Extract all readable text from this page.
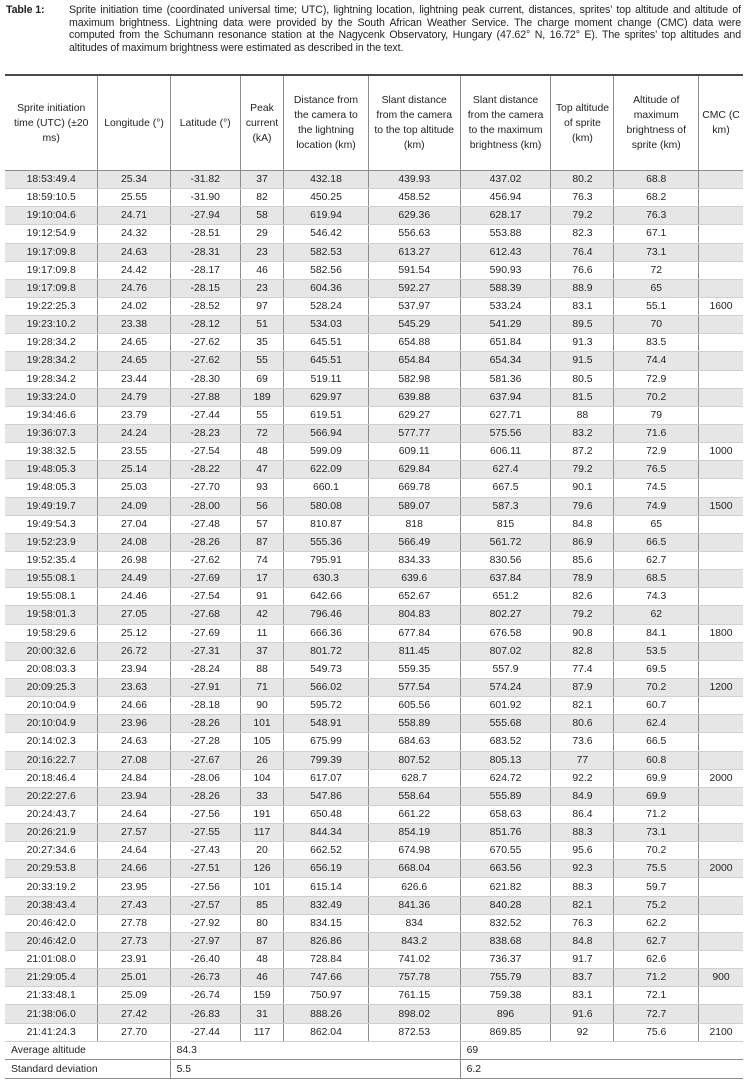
Table 1: Sprite initiation time (coordinated universal time; UTC), lightning location, lightning peak current, distances, sprites’ top altitude and altitude of maximum brightness. Lightning data were provided by the South African Weather Service. The charge moment change (CMC) data were computed from the Schumann resonance station at the Nagycenk Observatory, Hungary (47.62° N, 16.72° E). The sprites’ top altitudes and altitudes of maximum brightness were estimated as described in the text.
Sprite initiation time (UTC) (±20 ms)	Longitude (°)	Latitude (°)	Peak current (kA)	Distance from the camera to the lightning location (km)	Slant distance from the camera to the top altitude (km)	Slant distance from the camera to the maximum brightness (km)	Top altitude of sprite (km)	Altitude of maximum brightness of sprite (km)	CMC (C km)
18:53:49.4	25.34	-31.82	37	432.18	439.93	437.02	80.2	68.8	
18:59:10.5	25.55	-31.90	82	450.25	458.52	456.94	76.3	68.2	
19:10:04.6	24.71	-27.94	58	619.94	629.36	628.17	79.2	76.3	
19:12:54.9	24.32	-28.51	29	546.42	556.63	553.88	82.3	67.1	
19:17:09.8	24.63	-28.31	23	582.53	613.27	612.43	76.4	73.1	
19:17:09.8	24.42	-28.17	46	582.56	591.54	590.93	76.6	72	
19:17:09.8	24.76	-28.15	23	604.36	592.27	588.39	88.9	65	
19:22:25.3	24.02	-28.52	97	528.24	537.97	533.24	83.1	55.1	1600
19:23:10.2	23.38	-28.12	51	534.03	545.29	541.29	89.5	70	
19:28:34.2	24.65	-27.62	35	645.51	654.88	651.84	91.3	83.5	
19:28:34.2	24.65	-27.62	55	645.51	654.84	654.34	91.5	74.4	
19:28:34.2	23.44	-28.30	69	519.11	582.98	581.36	80.5	72.9	
19:33:24.0	24.79	-27.88	189	629.97	639.88	637.94	81.5	70.2	
19:34:46.6	23.79	-27.44	55	619.51	629.27	627.71	88	79	
19:36:07.3	24.24	-28.23	72	566.94	577.77	575.56	83.2	71.6	
19:38:32.5	23.55	-27.54	48	599.09	609.11	606.11	87.2	72.9	1000
19:48:05.3	25.14	-28.22	47	622.09	629.84	627.4	79.2	76.5	
19:48:05.3	25.03	-27.70	93	660.1	669.78	667.5	90.1	74.5	
19:49:19.7	24.09	-28.00	56	580.08	589.07	587.3	79.6	74.9	1500
19:49:54.3	27.04	-27.48	57	810.87	818	815	84.8	65	
19:52:23.9	24.08	-28.26	87	555.36	566.49	561.72	86.9	66.5	
19:52:35.4	26.98	-27.62	74	795.91	834.33	830.56	85.6	62.7	
19:55:08.1	24.49	-27.69	17	630.3	639.6	637.84	78.9	68.5	
19:55:08.1	24.46	-27.54	91	642.66	652.67	651.2	82.6	74.3	
19:58:01.3	27.05	-27.68	42	796.46	804.83	802.27	79.2	62	
19:58:29.6	25.12	-27.69	11	666.36	677.84	676.58	90.8	84.1	1800
20:00:32.6	26.72	-27.31	37	801.72	811.45	807.02	82.8	53.5	
20:08:03.3	23.94	-28.24	88	549.73	559.35	557.9	77.4	69.5	
20:09:25.3	23.63	-27.91	71	566.02	577.54	574.24	87.9	70.2	1200
20:10:04.9	24.66	-28.18	90	595.72	605.56	601.92	82.1	60.7	
20:10:04.9	23.96	-28.26	101	548.91	558.89	555.68	80.6	62.4	
20:14:02.3	24.63	-27.28	105	675.99	684.63	683.52	73.6	66.5	
20:16:22.7	27.08	-27.67	26	799.39	807.52	805.13	77	60.8	
20:18:46.4	24.84	-28.06	104	617.07	628.7	624.72	92.2	69.9	2000
20:22:27.6	23.94	-28.26	33	547.86	558.64	555.89	84.9	69.9	
20:24:43.7	24.64	-27.56	191	650.48	661.22	658.63	86.4	71.2	
20:26:21.9	27.57	-27.55	117	844.34	854.19	851.76	88.3	73.1	
20:27:34.6	24.64	-27.43	20	662.52	674.98	670.55	95.6	70.2	
20:29:53.8	24.66	-27.51	126	656.19	668.04	663.56	92.3	75.5	2000
20:33:19.2	23.95	-27.56	101	615.14	626.6	621.82	88.3	59.7	
20:38:43.4	27.43	-27.57	85	832.49	841.36	840.28	82.1	75.2	
20:46:42.0	27.78	-27.92	80	834.15	834	832.52	76.3	62.2	
20:46:42.0	27.73	-27.97	87	826.86	843.2	838.68	84.8	62.7	
21:01:08.0	23.91	-26.40	48	728.84	741.02	736.37	91.7	62.6	
21:29:05.4	25.01	-26.73	46	747.66	757.78	755.79	83.7	71.2	900
21:33:48.1	25.09	-26.74	159	750.97	761.15	759.38	83.1	72.1	
21:38:06.0	27.42	-26.83	31	888.26	898.02	896	91.6	72.7	
21:41:24.3	27.70	-27.44	117	862.04	872.53	869.85	92	75.6	2100
Average altitude		84.3				69			
Standard deviation		5.5				6.2			
